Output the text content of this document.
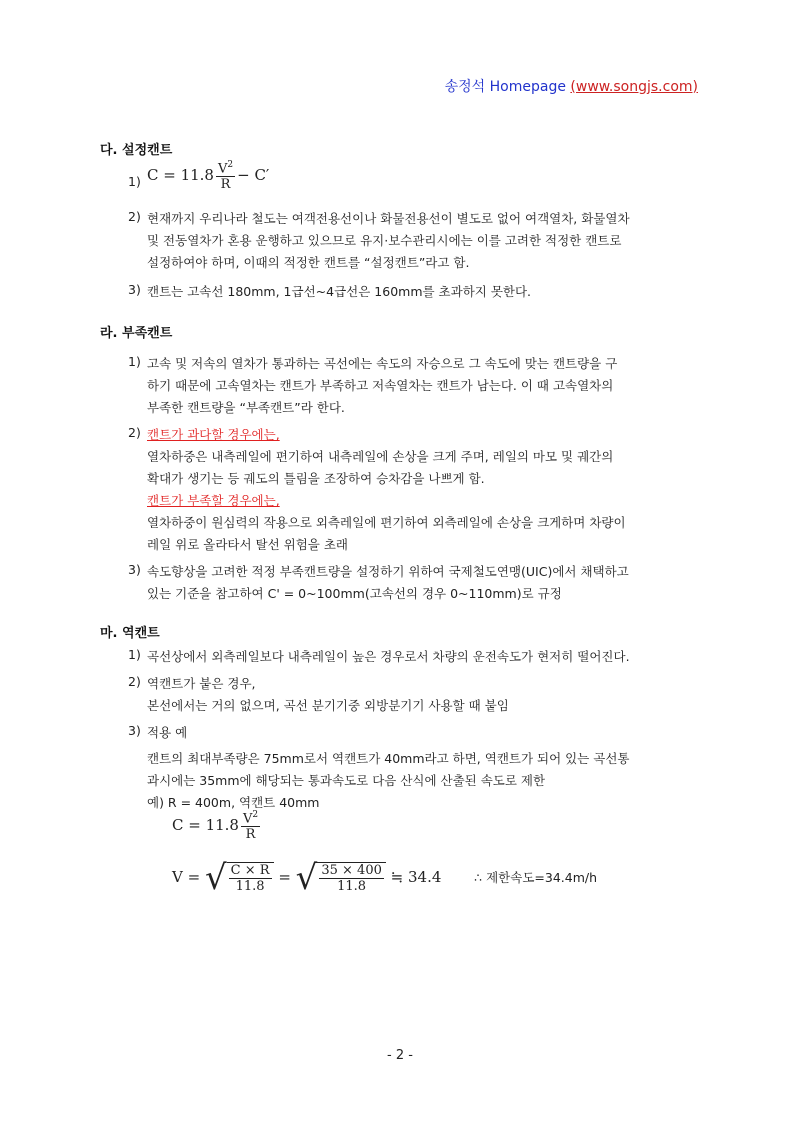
송정석 Homepage (www.songjs.com)
다. 설정캔트
1) $C = 11.8 \frac{V^2}{R} - C'$
2) 현재까지 우리나라 철도는 여객전용선이나 화물전용선이 별도로 없어 여객열차, 화물열차
및 전동열차가 혼용 운행하고 있으므로 유지·보수관리시에는 이를 고려한 적정한 캔트로
설정하여야 하며, 이때의 적정한 캔트를 “설정캔트”라고 함.
3) 캔트는 고속선 180mm, 1급선~4급선은 160mm를 초과하지 못한다.
라. 부족캔트
1) 고속 및 저속의 열차가 통과하는 곡선에는 속도의 자승으로 그 속도에 맞는 캔트량을 구
하기 때문에 고속열차는 캔트가 부족하고 저속열차는 캔트가 남는다. 이 때 고속열차의
부족한 캔트량을 “부족캔트”라 한다.
2) 캔트가 과다할 경우에는,
열차하중은 내측레일에 편기하여 내측레일에 손상을 크게 주며, 레일의 마모 및 궤간의
확대가 생기는 등 궤도의 틀림을 조장하여 승차감을 나쁘게 함.
캔트가 부족할 경우에는,
열차하중이 원심력의 작용으로 외측레일에 편기하여 외측레일에 손상을 크게하며 차량이
레일 위로 올라타서 탈선 위험을 초래
3) 속도향상을 고려한 적정 부족캔트량을 설정하기 위하여 국제철도연맹(UIC)에서 채택하고
있는 기준을 참고하여 C' = 0~100mm(고속선의 경우 0~110mm)로 규정
마. 역캔트
1) 곡선상에서 외측레일보다 내측레일이 높은 경우로서 차량의 운전속도가 현저히 떨어진다.
2) 역캔트가 붙은 경우,
본선에서는 거의 없으며, 곡선 분기기중 외방분기기 사용할 때 붙임
3) 적용 예
캔트의 최대부족량은 75mm로서 역캔트가 40mm라고 하면, 역캔트가 되어 있는 곡선통
과시에는 35mm에 해당되는 통과속도로 다음 산식에 산출된 속도로 제한
예) R = 400m, 역캔트 40mm
$C = 11.8 \frac{V^2}{R}$
V = √ $\frac{C \times R}{11.8}$ = √ $\frac{35 \times 400}{11.8}$ ≒ 34.4	∴ 제한속도=34.4m/h
- 2 -
